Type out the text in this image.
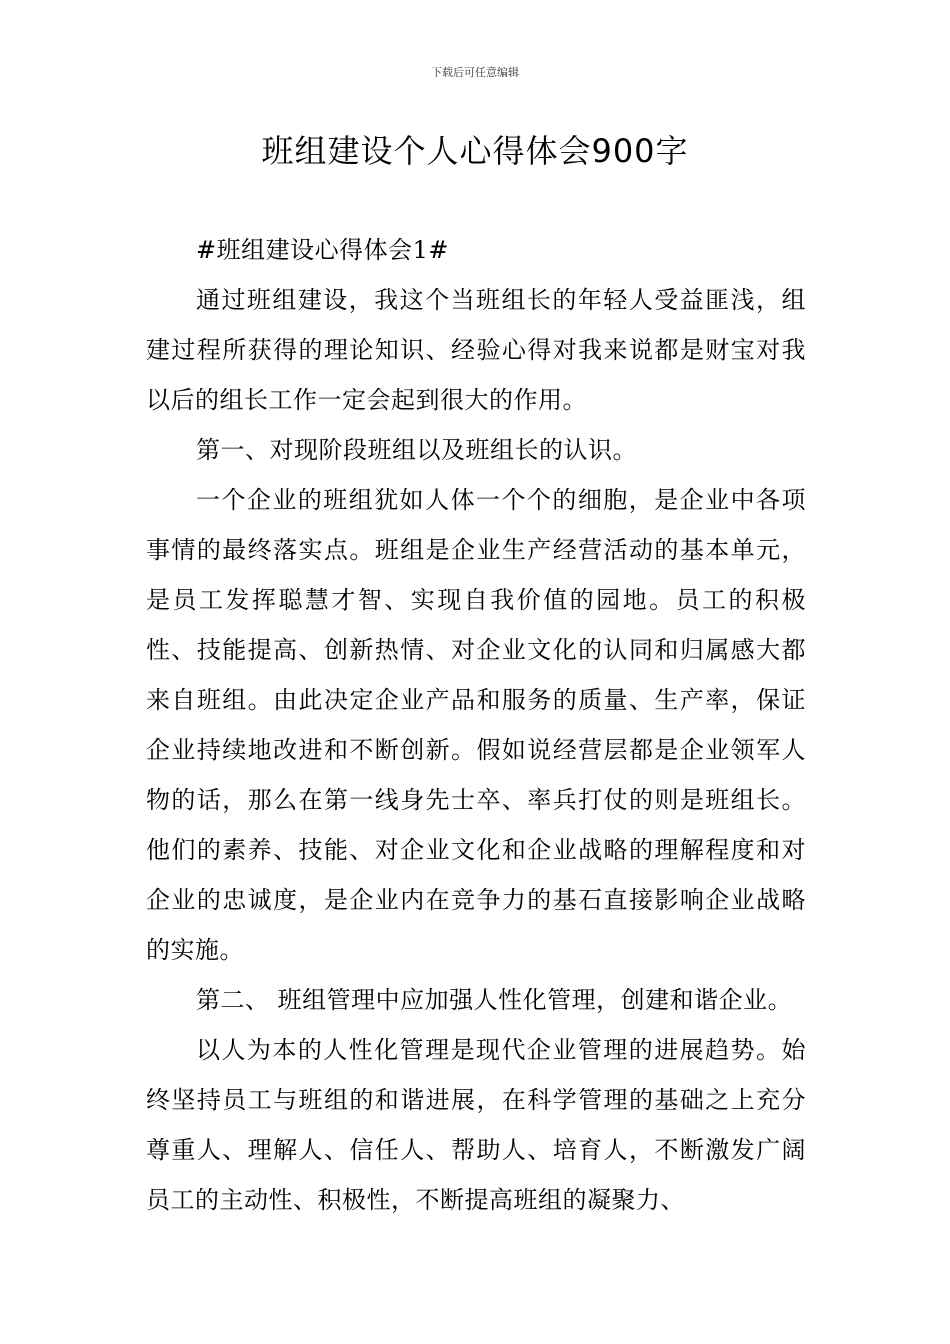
下载后可任意编辑
班组建设个人心得体会900字

#班组建设心得体会1#

通过班组建设，我这个当班组长的年轻人受益匪浅，组建过程所获得的理论知识、经验心得对我来说都是财宝对我以后的组长工作一定会起到很大的作用。

第一、对现阶段班组以及班组长的认识。

一个企业的班组犹如人体一个个的细胞，是企业中各项事情的最终落实点。班组是企业生产经营活动的基本单元，是员工发挥聪慧才智、实现自我价值的园地。员工的积极性、技能提高、创新热情、对企业文化的认同和归属感大都来自班组。由此决定企业产品和服务的质量、生产率，保证企业持续地改进和不断创新。假如说经营层都是企业领军人物的话，那么在第一线身先士卒、率兵打仗的则是班组长。他们的素养、技能、对企业文化和企业战略的理解程度和对企业的忠诚度，是企业内在竞争力的基石直接影响企业战略的实施。

第二、 班组管理中应加强人性化管理，创建和谐企业。

以人为本的人性化管理是现代企业管理的进展趋势。始终坚持员工与班组的和谐进展，在科学管理的基础之上充分尊重人、理解人、信任人、帮助人、培育人，不断激发广阔员工的主动性、积极性，不断提高班组的凝聚力、
